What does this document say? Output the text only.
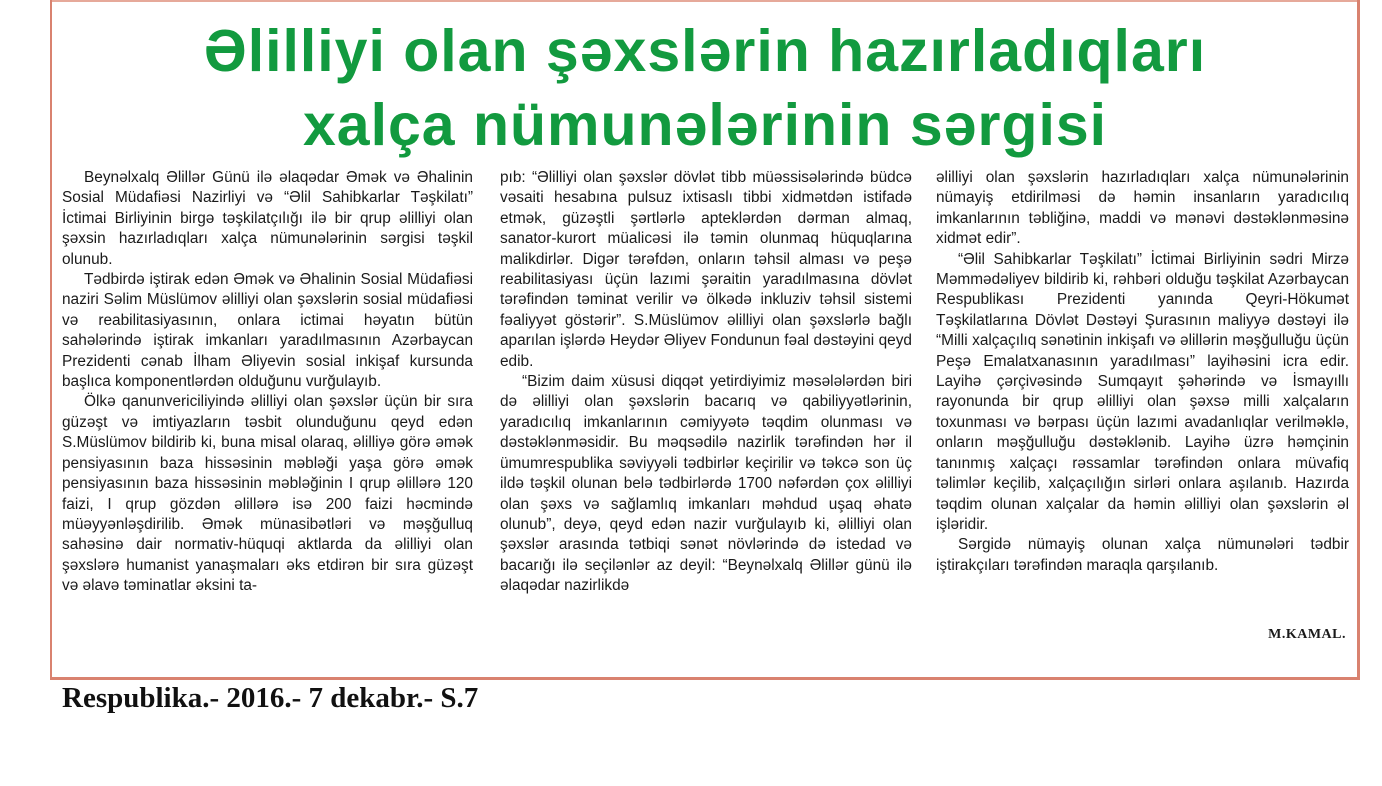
Əlilliyi olan şəxslərin hazırladıqları
xalça nümunələrinin sərgisi

Beynəlxalq Əlillər Günü ilə əlaqədar Əmək və Əhalinin Sosial Müdafiəsi Nazirliyi və “Əlil Sahibkarlar Təşkilatı” İctimai Birliyinin birgə təşkilatçılığı ilə bir qrup əlilliyi olan şəxsin hazırladıqları xalça nümunələrinin sərgisi təşkil olunub.

Tədbirdə iştirak edən Əmək və Əhalinin Sosial Müdafiəsi naziri Səlim Müslümov əlilliyi olan şəxslərin sosial müdafiəsi və reabilitasiyasının, onlara ictimai həyatın bütün sahələrində iştirak imkanları yaradılmasının Azərbaycan Prezidenti cənab İlham Əliyevin sosial inkişaf kursunda başlıca komponentlərdən olduğunu vurğulayıb.

Ölkə qanunvericiliyində əlilliyi olan şəxslər üçün bir sıra güzəşt və imtiyazların təsbit olunduğunu qeyd edən S.Müslümov bildirib ki, buna misal olaraq, əlilliyə görə əmək pensiyasının baza hissəsinin məbləği yaşa görə əmək pensiyasının baza hissəsinin məbləğinin I qrup əlillərə 120 faizi, I qrup gözdən əlillərə isə 200 faizi həcmində müəyyənləşdirilib. Əmək münasibətləri və məşğulluq sahəsinə dair normativ-hüquqi aktlarda da əlilliyi olan şəxslərə humanist yanaşmaları əks etdirən bir sıra güzəşt və əlavə təminatlar əksini ta-

pıb: “Əlilliyi olan şəxslər dövlət tibb müəssisələrində büdcə vəsaiti hesabına pulsuz ixtisaslı tibbi xidmətdən istifadə etmək, güzəştli şərtlərlə apteklərdən dərman almaq, sanator-kurort müalicəsi ilə təmin olunmaq hüquqlarına malikdirlər. Digər tərəfdən, onların təhsil alması və peşə reabilitasiyası üçün lazımi şəraitin yaradılmasına dövlət tərəfindən təminat verilir və ölkədə inkluziv təhsil sistemi fəaliyyət göstərir”. S.Müslümov əlilliyi olan şəxslərlə bağlı aparılan işlərdə Heydər Əliyev Fondunun fəal dəstəyini qeyd edib.

“Bizim daim xüsusi diqqət yetirdiyimiz məsələlərdən biri də əlilliyi olan şəxslərin bacarıq və qabiliyyətlərinin, yaradıcılıq imkanlarının cəmiyyətə təqdim olunması və dəstəklənməsidir. Bu məqsədilə nazirlik tərəfindən hər il ümumrespublika səviyyəli tədbirlər keçirilir və təkcə son üç ildə təşkil olunan belə tədbirlərdə 1700 nəfərdən çox əlilliyi olan şəxs və sağlamlıq imkanları məhdud uşaq əhatə olunub”, deyə, qeyd edən nazir vurğulayıb ki, əlilliyi olan şəxslər arasında tətbiqi sənət növlərində də istedad və bacarığı ilə seçilənlər az deyil: “Beynəlxalq Əlillər günü ilə əlaqədar nazirlikdə

əlilliyi olan şəxslərin hazırladıqları xalça nümunələrinin nümayiş etdirilməsi də həmin insanların yaradıcılıq imkanlarının təbliğinə, maddi və mənəvi dəstəklənməsinə xidmət edir”.

“Əlil Sahibkarlar Təşkilatı” İctimai Birliyinin sədri Mirzə Məmmədəliyev bildirib ki, rəhbəri olduğu təşkilat Azərbaycan Respublikası Prezidenti yanında Qeyri-Hökumət Təşkilatlarına Dövlət Dəstəyi Şurasının maliyyə dəstəyi ilə “Milli xalçaçılıq sənətinin inkişafı və əlillərin məşğulluğu üçün Peşə Emalatxanasının yaradılması” layihəsini icra edir. Layihə çərçivəsində Sumqayıt şəhərində və İsmayıllı rayonunda bir qrup əlilliyi olan şəxsə milli xalçaların toxunması və bərpası üçün lazımi avadanlıqlar verilməklə, onların məşğulluğu dəstəklənib. Layihə üzrə həmçinin tanınmış xalçaçı rəssamlar tərəfindən onlara müvafiq təlimlər keçilib, xalçaçılığın sirləri onlara aşılanıb. Hazırda təqdim olunan xalçalar da həmin əlilliyi olan şəxslərin əl işləridir.

Sərgidə nümayiş olunan xalça nümunələri tədbir iştirakçıları tərəfindən maraqla qarşılanıb.

M.KAMAL.
Respublika.- 2016.- 7 dekabr.- S.7
